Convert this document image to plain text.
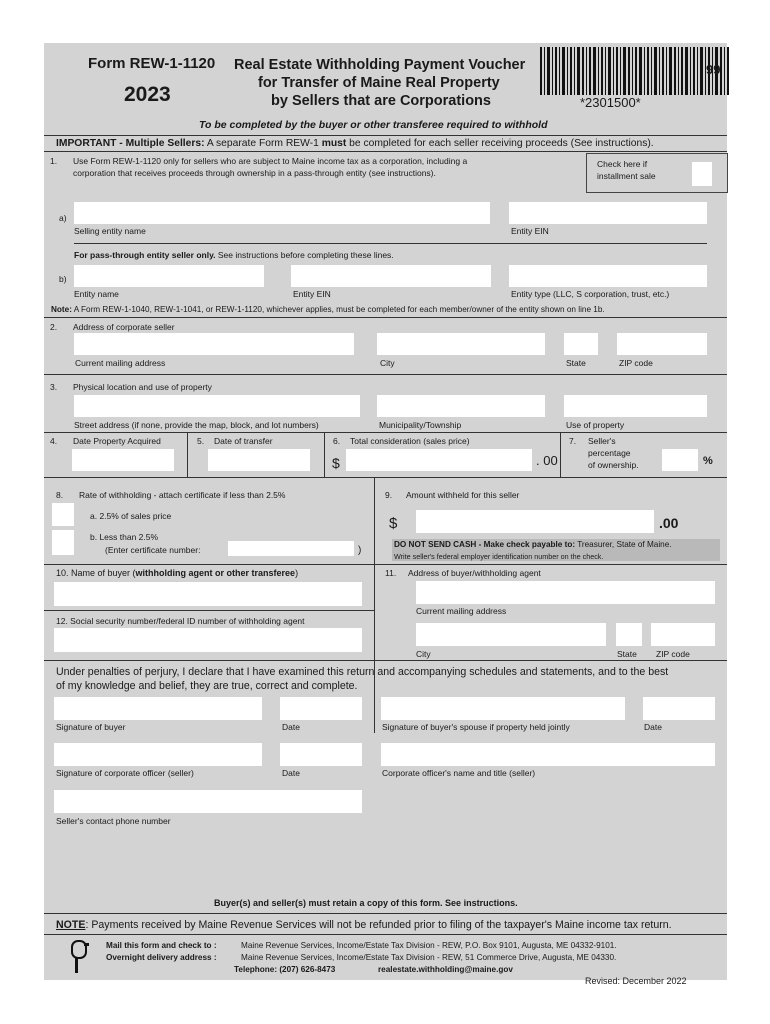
Form REW-1-1120
2023
Real Estate Withholding Payment Voucher
for Transfer of Maine Real Property
by Sellers that are Corporations	*2301500*
99
To be completed by the buyer or other transferee required to withhold
IMPORTANT - Multiple Sellers: A separate Form REW-1 must be completed for each seller receiving proceeds (See instructions).
1. Use Form REW-1-1120 only for sellers who are subject to Maine income tax as a corporation, including a
corporation that receives proceeds through ownership in a pass-through entity (see instructions).
Check here if
installment sale
a)
Selling entity name	Entity EIN
For pass-through entity seller only. See instructions before completing these lines.
b)
Entity name	Entity EIN	Entity type (LLC, S corporation, trust, etc.)
Note: A Form REW-1-1040, REW-1-1041, or REW-1-1120, whichever applies, must be completed for each member/owner of the entity shown on line 1b.
2. Address of corporate seller
Current mailing address	City	State	ZIP code
3. Physical location and use of property
Street address (if none, provide the map, block, and lot numbers)	Municipality/Township	Use of property
4. Date Property Acquired	5. Date of transfer	6. Total consideration (sales price)
$	. 00
7. Seller's
percentage
of ownership.	%
8. Rate of withholding - attach certificate if less than 2.5%
a. 2.5% of sales price
b. Less than 2.5%
(Enter certificate number:	)
9. Amount withheld for this seller
$	.00
DO NOT SEND CASH - Make check payable to: Treasurer, State of Maine.
Write seller's federal employer identification number on the check.
10. Name of buyer (withholding agent or other transferee)
12. Social security number/federal ID number of withholding agent
11. Address of buyer/withholding agent
Current mailing address
City	State ZIP code
Under penalties of perjury, I declare that I have examined this return and accompanying schedules and statements, and to the best
of my knowledge and belief, they are true, correct and complete.
Signature of buyer	Date	Signature of buyer's spouse if property held jointly	Date
Signature of corporate officer (seller)	Date	Corporate officer's name and title (seller)
Seller's contact phone number
Buyer(s) and seller(s) must retain a copy of this form. See instructions.
NOTE: Payments received by Maine Revenue Services will not be refunded prior to filing of the taxpayer's Maine income tax return.
Mail this form and check to :	Maine Revenue Services, Income/Estate Tax Division - REW, P.O. Box 9101, Augusta, ME 04332-9101.
Overnight delivery address :	Maine Revenue Services, Income/Estate Tax Division - REW, 51 Commerce Drive, Augusta, ME 04330.
Telephone: (207) 626-8473	realestate.withholding@maine.gov
Revised: December 2022
